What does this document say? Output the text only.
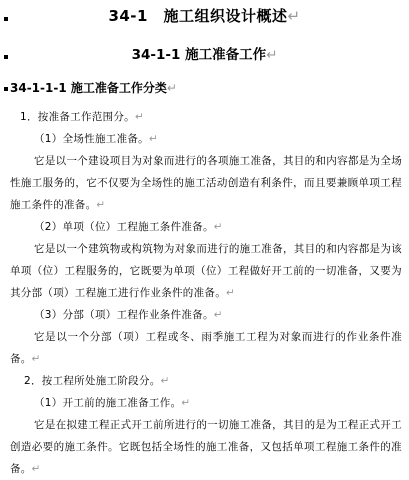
34-1　施工组织设计概述↵
34-1-1 施工准备工作↵
34-1-1-1 施工准备工作分类↵
1．按准备工作范围分。↵
（1）全场性施工准备。↵
它是以一个建设项目为对象而进行的各项施工准备，其目的和内容都是为全场性施工服务的，它不仅要为全场性的施工活动创造有利条件，而且要兼顾单项工程施工条件的准备。↵
（2）单项（位）工程施工条件准备。↵
它是以一个建筑物或构筑物为对象而进行的施工准备，其目的和内容都是为该单项（位）工程服务的，它既要为单项（位）工程做好开工前的一切准备，又要为其分部（项）工程施工进行作业条件的准备。↵
（3）分部（项）工程作业条件准备。↵
它是以一个分部（项）工程或冬、雨季施工工程为对象而进行的作业条件准备。↵
2．按工程所处施工阶段分。↵
（1）开工前的施工准备工作。↵
它是在拟建工程正式开工前所进行的一切施工准备，其目的是为工程正式开工创造必要的施工条件。它既包括全场性的施工准备，又包括单项工程施工条件的准备。↵
